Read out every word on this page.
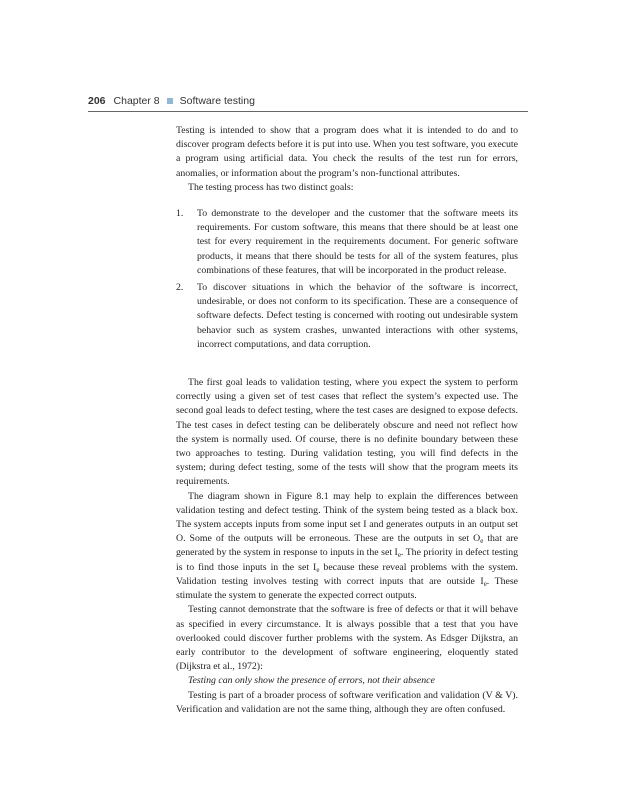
206 Chapter 8 Software testing

Testing is intended to show that a program does what it is intended to do and to discover program defects before it is put into use. When you test software, you execute a program using artificial data. You check the results of the test run for errors, anomalies, or information about the program’s non-functional attributes.

The testing process has two distinct goals:

1. To demonstrate to the developer and the customer that the software meets its requirements. For custom software, this means that there should be at least one test for every requirement in the requirements document. For generic software products, it means that there should be tests for all of the system features, plus combinations of these features, that will be incorporated in the product release.
2. To discover situations in which the behavior of the software is incorrect, undesirable, or does not conform to its specification. These are a consequence of software defects. Defect testing is concerned with rooting out undesirable system behavior such as system crashes, unwanted interactions with other systems, incorrect computations, and data corruption.

The first goal leads to validation testing, where you expect the system to perform correctly using a given set of test cases that reflect the system’s expected use. The second goal leads to defect testing, where the test cases are designed to expose defects. The test cases in defect testing can be deliberately obscure and need not reflect how the system is normally used. Of course, there is no definite boundary between these two approaches to testing. During validation testing, you will find defects in the system; during defect testing, some of the tests will show that the program meets its requirements.

The diagram shown in Figure 8.1 may help to explain the differences between validation testing and defect testing. Think of the system being tested as a black box. The system accepts inputs from some input set I and generates outputs in an output set O. Some of the outputs will be erroneous. These are the outputs in set $O_e$ that are generated by the system in response to inputs in the set $I_e$. The priority in defect testing is to find those inputs in the set $I_e$ because these reveal problems with the system. Validation testing involves testing with correct inputs that are outside $I_e$. These stimulate the system to generate the expected correct outputs.

Testing cannot demonstrate that the software is free of defects or that it will behave as specified in every circumstance. It is always possible that a test that you have overlooked could discover further problems with the system. As Edsger Dijkstra, an early contributor to the development of software engineering, eloquently stated (Dijkstra et al., 1972):

Testing can only show the presence of errors, not their absence

Testing is part of a broader process of software verification and validation (V & V). Verification and validation are not the same thing, although they are often confused.
